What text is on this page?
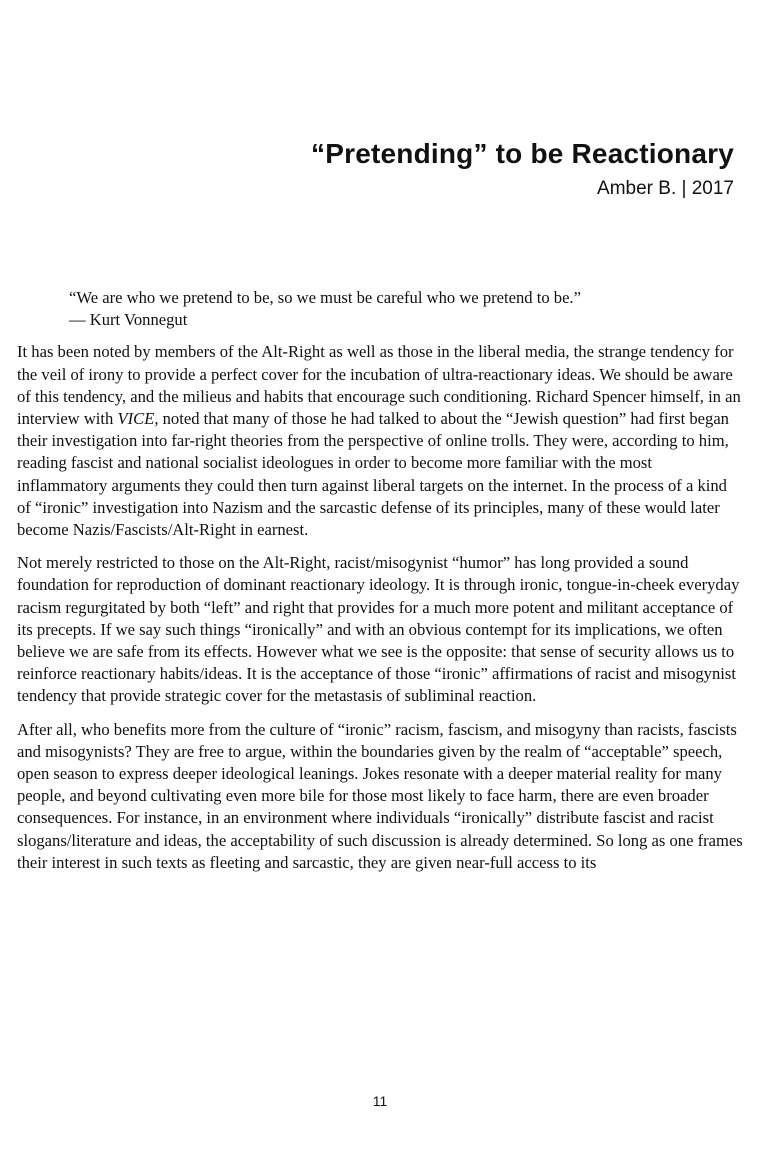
“Pretending” to be Reactionary

Amber B. | 2017

“We are who we pretend to be, so we must be careful who we pretend to be.”

— Kurt Vonnegut

It has been noted by members of the Alt-Right as well as those in the liberal media, the strange tendency for the veil of irony to provide a perfect cover for the incubation of ultra-reactionary ideas. We should be aware of this tendency, and the milieus and habits that encourage such conditioning. Richard Spencer himself, in an interview with VICE, noted that many of those he had talked to about the “Jewish question” had first began their investigation into far-right theories from the perspective of online trolls. They were, according to him, reading fascist and national socialist ideologues in order to become more familiar with the most inflammatory arguments they could then turn against liberal targets on the internet. In the process of a kind of “ironic” investigation into Nazism and the sarcastic defense of its principles, many of these would later become Nazis/Fascists/Alt-Right in earnest.

Not merely restricted to those on the Alt-Right, racist/misogynist “humor” has long provided a sound foundation for reproduction of dominant reactionary ideology. It is through ironic, tongue-in-cheek everyday racism regurgitated by both “left” and right that provides for a much more potent and militant acceptance of its precepts. If we say such things “ironically” and with an obvious contempt for its implications, we often believe we are safe from its effects. However what we see is the opposite: that sense of security allows us to reinforce reactionary habits/ideas. It is the acceptance of those “ironic” affirmations of racist and misogynist tendency that provide strategic cover for the metastasis of subliminal reaction.

After all, who benefits more from the culture of “ironic” racism, fascism, and misogyny than racists, fascists and misogynists? They are free to argue, within the boundaries given by the realm of “acceptable” speech, open season to express deeper ideological leanings. Jokes resonate with a deeper material reality for many people, and beyond cultivating even more bile for those most likely to face harm, there are even broader consequences. For instance, in an environment where individuals “ironically” distribute fascist and racist slogans/literature and ideas, the acceptability of such discussion is already determined. So long as one frames their interest in such texts as fleeting and sarcastic, they are given near-full access to its

11
